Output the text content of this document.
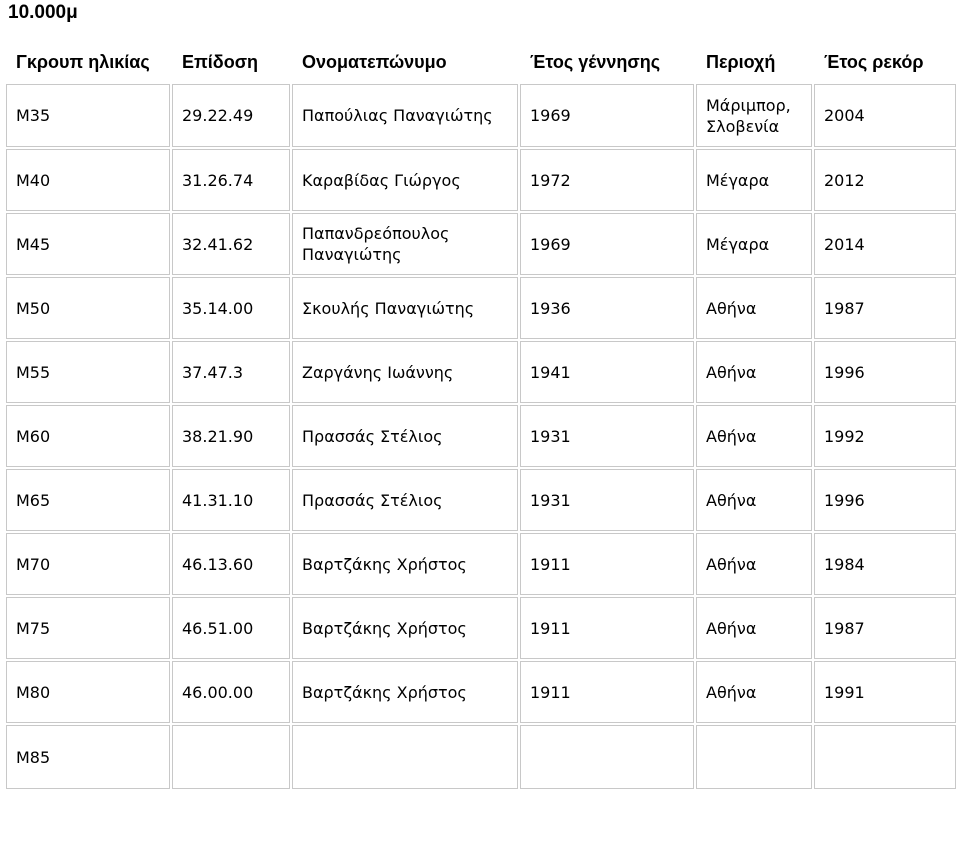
10.000μ
Γκρουπ ηλικίας	Επίδοση	Ονοματεπώνυμο	Έτος γέννησης	Περιοχή	Έτος ρεκόρ
M35	29.22.49	Παπούλιας Παναγιώτης	1969	Μάριμπορ, Σλοβενία	2004
M40	31.26.74	Καραβίδας Γιώργος	1972	Μέγαρα	2012
M45	32.41.62	Παπανδρεόπουλος Παναγιώτης	1969	Μέγαρα	2014
M50	35.14.00	Σκουλής Παναγιώτης	1936	Αθήνα	1987
M55	37.47.3	Ζαργάνης Ιωάννης	1941	Αθήνα	1996
M60	38.21.90	Πρασσάς Στέλιος	1931	Αθήνα	1992
M65	41.31.10	Πρασσάς Στέλιος	1931	Αθήνα	1996
M70	46.13.60	Βαρτζάκης Χρήστος	1911	Αθήνα	1984
M75	46.51.00	Βαρτζάκης Χρήστος	1911	Αθήνα	1987
M80	46.00.00	Βαρτζάκης Χρήστος	1911	Αθήνα	1991
M85					
